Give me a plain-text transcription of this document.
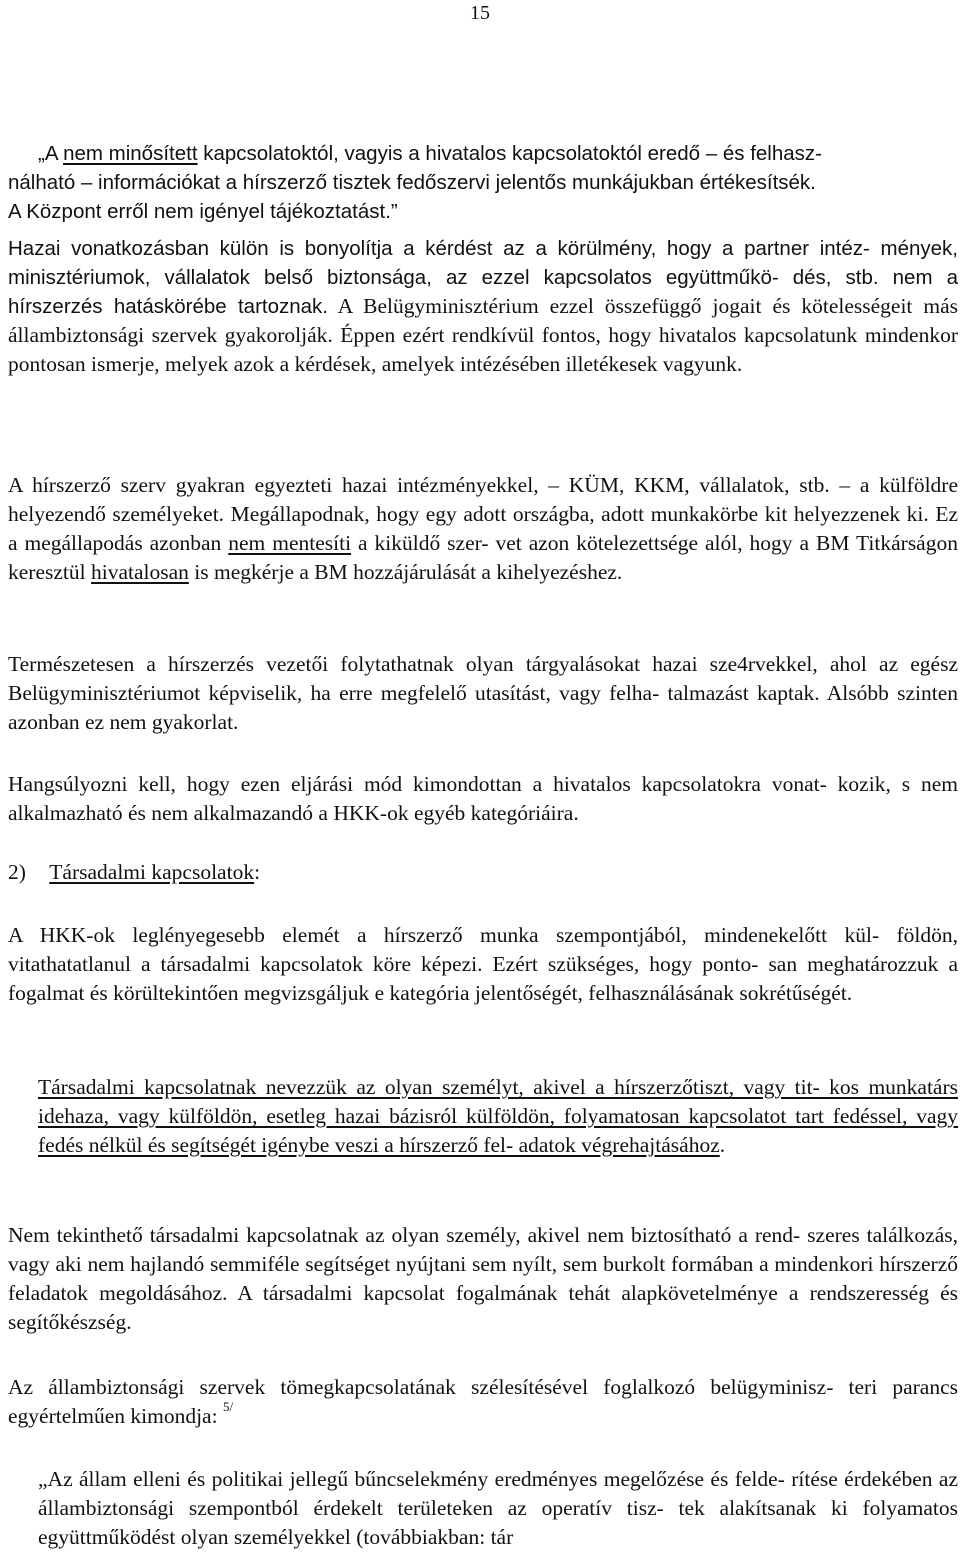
15

„A nem minősített kapcsolatoktól, vagyis a hivatalos kapcsolatoktól eredő – és felhasz-
nálható – információkat a hírszerző tisztek fedőszervi jelentős munkájukban értékesítsék.
A Központ erről nem igényel tájékoztatást.”

Hazai vonatkozásban külön is bonyolítja a kérdést az a körülmény, hogy a partner intéz- mények, minisztériumok, vállalatok belső biztonsága, az ezzel kapcsolatos együttműkö- dés, stb. nem a hírszerzés hatáskörébe tartoznak. A Belügyminisztérium ezzel összefüggő jogait és kötelességeit más állambiztonsági szervek gyakorolják. Éppen ezért rendkívül fontos, hogy hivatalos kapcsolatunk mindenkor pontosan ismerje, melyek azok a kérdések, amelyek intézésében illetékesek vagyunk.

A hírszerző szerv gyakran egyezteti hazai intézményekkel, – KÜM, KKM, vállalatok, stb. – a külföldre helyezendő személyeket. Megállapodnak, hogy egy adott országba, adott munkakörbe kit helyezzenek ki. Ez a megállapodás azonban nem mentesíti a kiküldő szer- vet azon kötelezettsége alól, hogy a BM Titkárságon keresztül hivatalosan is megkérje a BM hozzájárulását a kihelyezéshez.

Természetesen a hírszerzés vezetői folytathatnak olyan tárgyalásokat hazai sze4rvekkel, ahol az egész Belügyminisztériumot képviselik, ha erre megfelelő utasítást, vagy felha- talmazást kaptak. Alsóbb szinten azonban ez nem gyakorlat.

Hangsúlyozni kell, hogy ezen eljárási mód kimondottan a hivatalos kapcsolatokra vonat- kozik, s nem alkalmazható és nem alkalmazandó a HKK-ok egyéb kategóriáira.

2) Társadalmi kapcsolatok:

A HKK-ok leglényegesebb elemét a hírszerző munka szempontjából, mindenekelőtt kül- földön, vitathatatlanul a társadalmi kapcsolatok köre képezi. Ezért szükséges, hogy ponto- san meghatározzuk a fogalmat és körültekintően megvizsgáljuk e kategória jelentőségét, felhasználásának sokrétűségét.

Társadalmi kapcsolatnak nevezzük az olyan személyt, akivel a hírszerzőtiszt, vagy tit- kos munkatárs idehaza, vagy külföldön, esetleg hazai bázisról külföldön, folyamatosan kapcsolatot tart fedéssel, vagy fedés nélkül és segítségét igénybe veszi a hírszerző fel- adatok végrehajtásához.

Nem tekinthető társadalmi kapcsolatnak az olyan személy, akivel nem biztosítható a rend- szeres találkozás, vagy aki nem hajlandó semmiféle segítséget nyújtani sem nyílt, sem burkolt formában a mindenkori hírszerző feladatok megoldásához. A társadalmi kapcsolat fogalmának tehát alapkövetelménye a rendszeresség és segítőkészség.

Az állambiztonsági szervek tömegkapcsolatának szélesítésével foglalkozó belügyminisz- teri parancs egyértelműen kimondja: $^{5/}$

„Az állam elleni és politikai jellegű bűncselekmény eredményes megelőzése és felde- rítése érdekében az állambiztonsági szempontból érdekelt területeken az operatív tisz- tek alakítsanak ki folyamatos együttműködést olyan személyekkel (továbbiakban: tár
